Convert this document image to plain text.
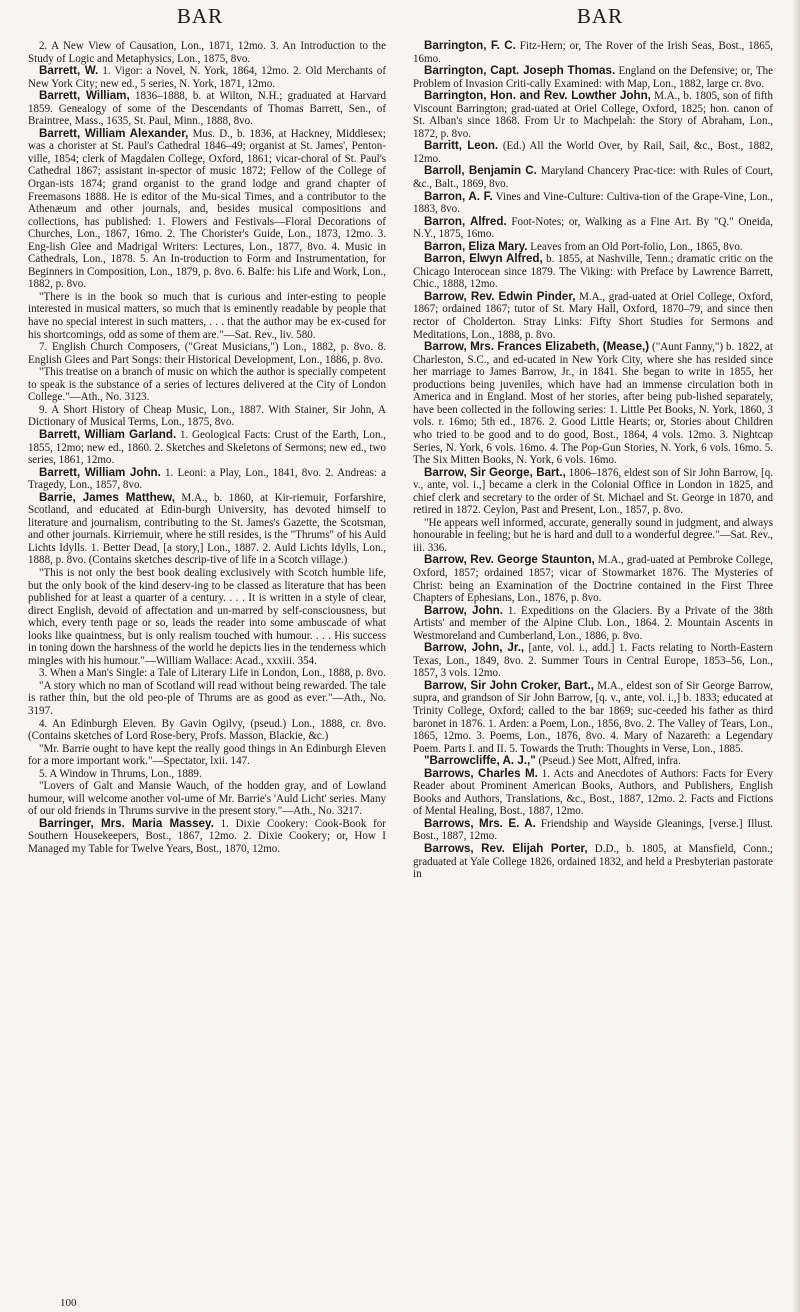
BAR	BAR

2. A New View of Causation, Lon., 1871, 12mo. 3. An Introduction to the Study of Logic and Metaphysics, Lon., 1875, 8vo.

Barrett, W. 1. Vigor: a Novel, N. York, 1864, 12mo. 2. Old Merchants of New York City; new ed., 5 series, N. York, 1871, 12mo.

Barrett, William, 1836–1888, b. at Wilton, N.H.; graduated at Harvard 1859. Genealogy of some of the Descendants of Thomas Barrett, Sen., of Braintree, Mass., 1635, St. Paul, Minn., 1888, 8vo.

Barrett, William Alexander, Mus. D., b. 1836, at Hackney, Middlesex; was a chorister at St. Paul's Cathedral 1846–49; organist at St. James', Penton-ville, 1854; clerk of Magdalen College, Oxford, 1861; vicar-choral of St. Paul's Cathedral 1867; assistant in-spector of music 1872; Fellow of the College of Organ-ists 1874; grand organist to the grand lodge and grand chapter of Freemasons 1888. He is editor of the Mu-sical Times, and a contributor to the Athenæum and other journals, and, besides musical compositions and collections, has published: 1. Flowers and Festivals—Floral Decorations of Churches, Lon., 1867, 16mo. 2. The Chorister's Guide, Lon., 1873, 12mo. 3. Eng-lish Glee and Madrigal Writers: Lectures, Lon., 1877, 8vo. 4. Music in Cathedrals, Lon., 1878. 5. An In-troduction to Form and Instrumentation, for Beginners in Composition, Lon., 1879, p. 8vo. 6. Balfe: his Life and Work, Lon., 1882, p. 8vo.

"There is in the book so much that is curious and inter-esting to people interested in musical matters, so much that is eminently readable by people that have no special interest in such matters, . . . that the author may be ex-cused for his shortcomings, odd as some of them are."—Sat. Rev., liv. 580.

7. English Church Composers, ("Great Musicians,") Lon., 1882, p. 8vo. 8. English Glees and Part Songs: their Historical Development, Lon., 1886, p. 8vo.

"This treatise on a branch of music on which the author is specially competent to speak is the substance of a series of lectures delivered at the City of London College."—Ath., No. 3123.

9. A Short History of Cheap Music, Lon., 1887. With Stainer, Sir John, A Dictionary of Musical Terms, Lon., 1875, 8vo.

Barrett, William Garland. 1. Geological Facts: Crust of the Earth, Lon., 1855, 12mo; new ed., 1860. 2. Sketches and Skeletons of Sermons; new ed., two series, 1861, 12mo.

Barrett, William John. 1. Leoni: a Play, Lon., 1841, 8vo. 2. Andreas: a Tragedy, Lon., 1857, 8vo.

Barrie, James Matthew, M.A., b. 1860, at Kir-riemuir, Forfarshire, Scotland, and educated at Edin-burgh University, has devoted himself to literature and journalism, contributing to the St. James's Gazette, the Scotsman, and other journals. Kirriemuir, where he still resides, is the "Thrums" of his Auld Lichts Idylls. 1. Better Dead, [a story,] Lon., 1887. 2. Auld Lichts Idylls, Lon., 1888, p. 8vo. (Contains sketches descrip-tive of life in a Scotch village.)

"This is not only the best book dealing exclusively with Scotch humble life, but the only book of the kind deserv-ing to be classed as literature that has been published for at least a quarter of a century. . . . It is written in a style of clear, direct English, devoid of affectation and un-marred by self-consciousness, but which, every tenth page or so, leads the reader into some ambuscade of what looks like quaintness, but is only realism touched with humour. . . . His success in toning down the harshness of the world he depicts lies in the tenderness which mingles with his humour."—William Wallace: Acad., xxxiii. 354.

3. When a Man's Single: a Tale of Literary Life in London, Lon., 1888, p. 8vo.

"A story which no man of Scotland will read without being rewarded. The tale is rather thin, but the old peo-ple of Thrums are as good as ever."—Ath., No. 3197.

4. An Edinburgh Eleven. By Gavin Ogilvy, (pseud.) Lon., 1888, cr. 8vo. (Contains sketches of Lord Rose-bery, Profs. Masson, Blackie, &c.)

"Mr. Barrie ought to have kept the really good things in An Edinburgh Eleven for a more important work."—Spectator, lxii. 147.

5. A Window in Thrums, Lon., 1889.

"Lovers of Galt and Mansie Wauch, of the hodden gray, and of Lowland humour, will welcome another vol-ume of Mr. Barrie's 'Auld Licht' series. Many of our old friends in Thrums survive in the present story."—Ath., No. 3217.

Barringer, Mrs. Maria Massey. 1. Dixie Cookery: Cook-Book for Southern Housekeepers, Bost., 1867, 12mo. 2. Dixie Cookery; or, How I Managed my Table for Twelve Years, Bost., 1870, 12mo.

Barrington, F. C. Fitz-Hern; or, The Rover of the Irish Seas, Bost., 1865, 16mo.

Barrington, Capt. Joseph Thomas. England on the Defensive; or, The Problem of Invasion Criti-cally Examined: with Map, Lon., 1882, large cr. 8vo.

Barrington, Hon. and Rev. Lowther John, M.A., b. 1805, son of fifth Viscount Barrington; grad-uated at Oriel College, Oxford, 1825; hon. canon of St. Alban's since 1868. From Ur to Machpelah: the Story of Abraham, Lon., 1872, p. 8vo.

Barritt, Leon. (Ed.) All the World Over, by Rail, Sail, &c., Bost., 1882, 12mo.

Barroll, Benjamin C. Maryland Chancery Prac-tice: with Rules of Court, &c., Balt., 1869, 8vo.

Barron, A. F. Vines and Vine-Culture: Cultiva-tion of the Grape-Vine, Lon., 1883, 8vo.

Barron, Alfred. Foot-Notes; or, Walking as a Fine Art. By "Q." Oneida, N.Y., 1875, 16mo.

Barron, Eliza Mary. Leaves from an Old Port-folio, Lon., 1865, 8vo.

Barron, Elwyn Alfred, b. 1855, at Nashville, Tenn.; dramatic critic on the Chicago Interocean since 1879. The Viking: with Preface by Lawrence Barrett, Chic., 1888, 12mo.

Barrow, Rev. Edwin Pinder, M.A., grad-uated at Oriel College, Oxford, 1867; ordained 1867; tutor of St. Mary Hall, Oxford, 1870–79, and since then rector of Cholderton. Stray Links: Fifty Short Studies for Sermons and Meditations, Lon., 1888, p. 8vo.

Barrow, Mrs. Frances Elizabeth, (Mease,) ("Aunt Fanny,") b. 1822, at Charleston, S.C., and ed-ucated in New York City, where she has resided since her marriage to James Barrow, Jr., in 1841. She began to write in 1855, her productions being juveniles, which have had an immense circulation both in America and in England. Most of her stories, after being pub-lished separately, have been collected in the following series: 1. Little Pet Books, N. York, 1860, 3 vols. r. 16mo; 5th ed., 1876. 2. Good Little Hearts; or, Stories about Children who tried to be good and to do good, Bost., 1864, 4 vols. 12mo. 3. Nightcap Series, N. York, 6 vols. 16mo. 4. The Pop-Gun Stories, N. York, 6 vols. 16mo. 5. The Six Mitten Books, N. York, 6 vols. 16mo.

Barrow, Sir George, Bart., 1806–1876, eldest son of Sir John Barrow, [q. v., ante, vol. i.,] became a clerk in the Colonial Office in London in 1825, and chief clerk and secretary to the order of St. Michael and St. George in 1870, and retired in 1872. Ceylon, Past and Present, Lon., 1857, p. 8vo.

"He appears well informed, accurate, generally sound in judgment, and always honourable in feeling; but he is hard and dull to a wonderful degree."—Sat. Rev., iii. 336.

Barrow, Rev. George Staunton, M.A., grad-uated at Pembroke College, Oxford, 1857; ordained 1857; vicar of Stowmarket 1876. The Mysteries of Christ: being an Examination of the Doctrine contained in the First Three Chapters of Ephesians, Lon., 1876, p. 8vo.

Barrow, John. 1. Expeditions on the Glaciers. By a Private of the 38th Artists' and member of the Alpine Club. Lon., 1864. 2. Mountain Ascents in Westmoreland and Cumberland, Lon., 1886, p. 8vo.

Barrow, John, Jr., [ante, vol. i., add.] 1. Facts relating to North-Eastern Texas, Lon., 1849, 8vo. 2. Summer Tours in Central Europe, 1853–56, Lon., 1857, 3 vols. 12mo.

Barrow, Sir John Croker, Bart., M.A., eldest son of Sir George Barrow, supra, and grandson of Sir John Barrow, [q. v., ante, vol. i.,] b. 1833; educated at Trinity College, Oxford; called to the bar 1869; suc-ceeded his father as third baronet in 1876. 1. Arden: a Poem, Lon., 1856, 8vo. 2. The Valley of Tears, Lon., 1865, 12mo. 3. Poems, Lon., 1876, 8vo. 4. Mary of Nazareth: a Legendary Poem. Parts I. and II. 5. Towards the Truth: Thoughts in Verse, Lon., 1885.

"Barrowcliffe, A. J.," (Pseud.) See Mott, Alfred, infra.

Barrows, Charles M. 1. Acts and Anecdotes of Authors: Facts for Every Reader about Prominent American Books, Authors, and Publishers, English Books and Authors, Translations, &c., Bost., 1887, 12mo. 2. Facts and Fictions of Mental Healing, Bost., 1887, 12mo.

Barrows, Mrs. E. A. Friendship and Wayside Gleanings, [verse.] Illust. Bost., 1887, 12mo.

Barrows, Rev. Elijah Porter, D.D., b. 1805, at Mansfield, Conn.; graduated at Yale College 1826, ordained 1832, and held a Presbyterian pastorate in

100
